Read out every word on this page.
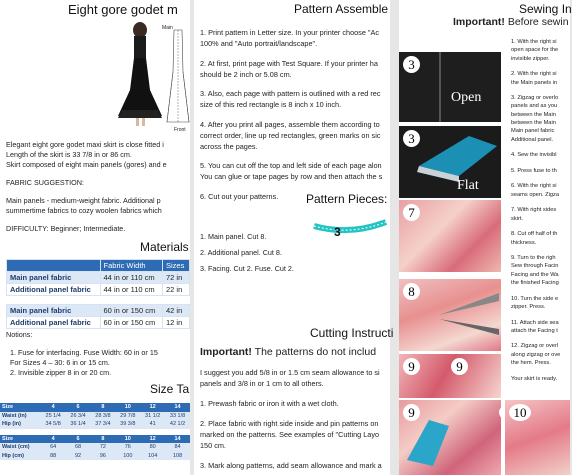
Eight gore godet m
Main
Front
Elegant eight gore godet maxi skirt is close fitted i
Length of the skirt is 33 7/8 in or 86 cm.
Skirt composed of eight main panels (gores) and e
FABRIC SUGGESTION:
Main panels - medium-weight fabric. Additional p
summertime fabrics to cozy woolen fabrics which
DIFFICULTY: Beginner; Intermediate.
Materials
	Fabric Width	Sizes
Main panel fabric	44 in or 110 cm	72 in
Additional panel fabric	44 in or 110 cm	22 in

Main panel fabric	60 in or 150 cm	42 in
Additional panel fabric	60 in or 150 cm	12 in
Notions:
1. Fuse for interfacing. Fuse Width: 60 in or 15
For Sizes 4 – 30: 6 in or 15 cm.
2. Invisible zipper 8 in or 20 cm.
Size Ta
Size	4	6	8	10	12	14
Waist (in)	25 1/4	26 3/4	28 3/8	29 7/8	31 1/2	33 1/8
Hip (in)	34 5/8	36 1/4	37 3/4	39 3/8	41	42 1/2

Size	4	6	8	10	12	14
Waist (cm)	64	68	72	76	80	84
Hip (cm)	88	92	96	100	104	108
Pattern Assemble
Pattern Pieces:
3
1. Main panel. Cut 8.
2. Additional panel. Cut 8.
3. Facing. Cut 2. Fuse. Cut 2.
Cutting Instructi
Important! The patterns do not includ
1. Print pattern in Letter size. In your printer choose "Ac
100% and "Auto portrait/landscape".
2. At first, print page with Test Square. If your printer ha
should be 2 inch or 5.08 cm.
3. Also, each page with pattern is outlined with a red rec
size of this red rectangle is 8 inch x 10 inch.
4. After you print all pages, assemble them according to
correct order, line up red rectangles, green marks on sic
across the pages.
5. You can cut off the top and left side of each page alon
You can glue or tape pages by row and then attach the s
6. Cut out your patterns.
I suggest you add 5/8 in or 1.5 cm seam allowance to si
panels and 3/8 in or 1 cm to all others.
1. Prewash fabric or iron it with a wet cloth.
2. Place fabric with right side inside and pin patterns on
marked on the patterns. See examples of "Cutting Layo
150 cm.
3. Mark along patterns, add seam allowance and mark a
Sewing In
Important! Before sewin
3
Open
3
Flat
7
8
9	9
9	10
1. With the right si
open space for the
invisible zipper.
2. With the right si
the Main panels in
3. Zigzag or overlo
panels and as you
between the Main
between the Main
Main panel fabric
Additional panel.
4. Sew the invisibl
5. Press fuse to th
6. With the right si
seams open. Zigza
7. With right sides
skirt.
8. Cut off half of th
thickness.
9. Turn to the righ
Sew through Facin
Facing and the Wa
the finished Facing
10. Turn the side e
zipper. Press.
11. Attach side sea
attach the Facing t
12. Zigzag or overl
along zigzag or ove
the hem. Press.
Your skirt is ready.
